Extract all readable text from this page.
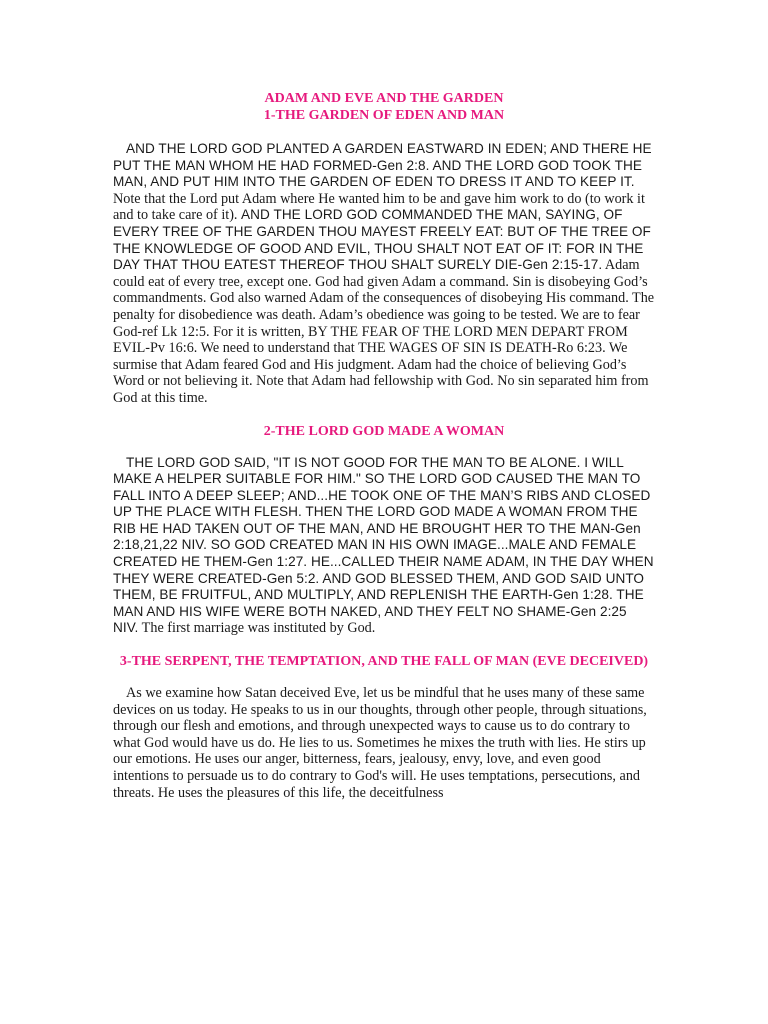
ADAM AND EVE AND THE GARDEN

1-THE GARDEN OF EDEN AND MAN

AND THE LORD GOD PLANTED A GARDEN EASTWARD IN EDEN; AND THERE HE PUT THE MAN WHOM HE HAD FORMED-Gen 2:8. AND THE LORD GOD TOOK THE MAN, AND PUT HIM INTO THE GARDEN OF EDEN TO DRESS IT AND TO KEEP IT. Note that the Lord put Adam where He wanted him to be and gave him work to do (to work it and to take care of it). AND THE LORD GOD COMMANDED THE MAN, SAYING, OF EVERY TREE OF THE GARDEN THOU MAYEST FREELY EAT: BUT OF THE TREE OF THE KNOWLEDGE OF GOOD AND EVIL, THOU SHALT NOT EAT OF IT: FOR IN THE DAY THAT THOU EATEST THEREOF THOU SHALT SURELY DIE-Gen 2:15-17. Adam could eat of every tree, except one. God had given Adam a command. Sin is disobeying God’s commandments. God also warned Adam of the consequences of disobeying His command. The penalty for disobedience was death. Adam’s obedience was going to be tested. We are to fear God-ref Lk 12:5. For it is written, BY THE FEAR OF THE LORD MEN DEPART FROM EVIL-Pv 16:6. We need to understand that THE WAGES OF SIN IS DEATH-Ro 6:23. We surmise that Adam feared God and His judgment. Adam had the choice of believing God’s Word or not believing it. Note that Adam had fellowship with God. No sin separated him from God at this time.

2-THE LORD GOD MADE A WOMAN

THE LORD GOD SAID, "IT IS NOT GOOD FOR THE MAN TO BE ALONE. I WILL MAKE A HELPER SUITABLE FOR HIM." SO THE LORD GOD CAUSED THE MAN TO FALL INTO A DEEP SLEEP; AND...HE TOOK ONE OF THE MAN’S RIBS AND CLOSED UP THE PLACE WITH FLESH. THEN THE LORD GOD MADE A WOMAN FROM THE RIB HE HAD TAKEN OUT OF THE MAN, AND HE BROUGHT HER TO THE MAN-Gen 2:18,21,22 NIV. SO GOD CREATED MAN IN HIS OWN IMAGE...MALE AND FEMALE CREATED HE THEM-Gen 1:27. HE...CALLED THEIR NAME ADAM, IN THE DAY WHEN THEY WERE CREATED-Gen 5:2. AND GOD BLESSED THEM, AND GOD SAID UNTO THEM, BE FRUITFUL, AND MULTIPLY, AND REPLENISH THE EARTH-Gen 1:28. THE MAN AND HIS WIFE WERE BOTH NAKED, AND THEY FELT NO SHAME-Gen 2:25 NIV. The first marriage was instituted by God.

3-THE SERPENT, THE TEMPTATION, AND THE FALL OF MAN (EVE DECEIVED)

As we examine how Satan deceived Eve, let us be mindful that he uses many of these same devices on us today. He speaks to us in our thoughts, through other people, through situations, through our flesh and emotions, and through unexpected ways to cause us to do contrary to what God would have us do. He lies to us. Sometimes he mixes the truth with lies. He stirs up our emotions. He uses our anger, bitterness, fears, jealousy, envy, love, and even good intentions to persuade us to do contrary to God's will. He uses temptations, persecutions, and threats. He uses the pleasures of this life, the deceitfulness
